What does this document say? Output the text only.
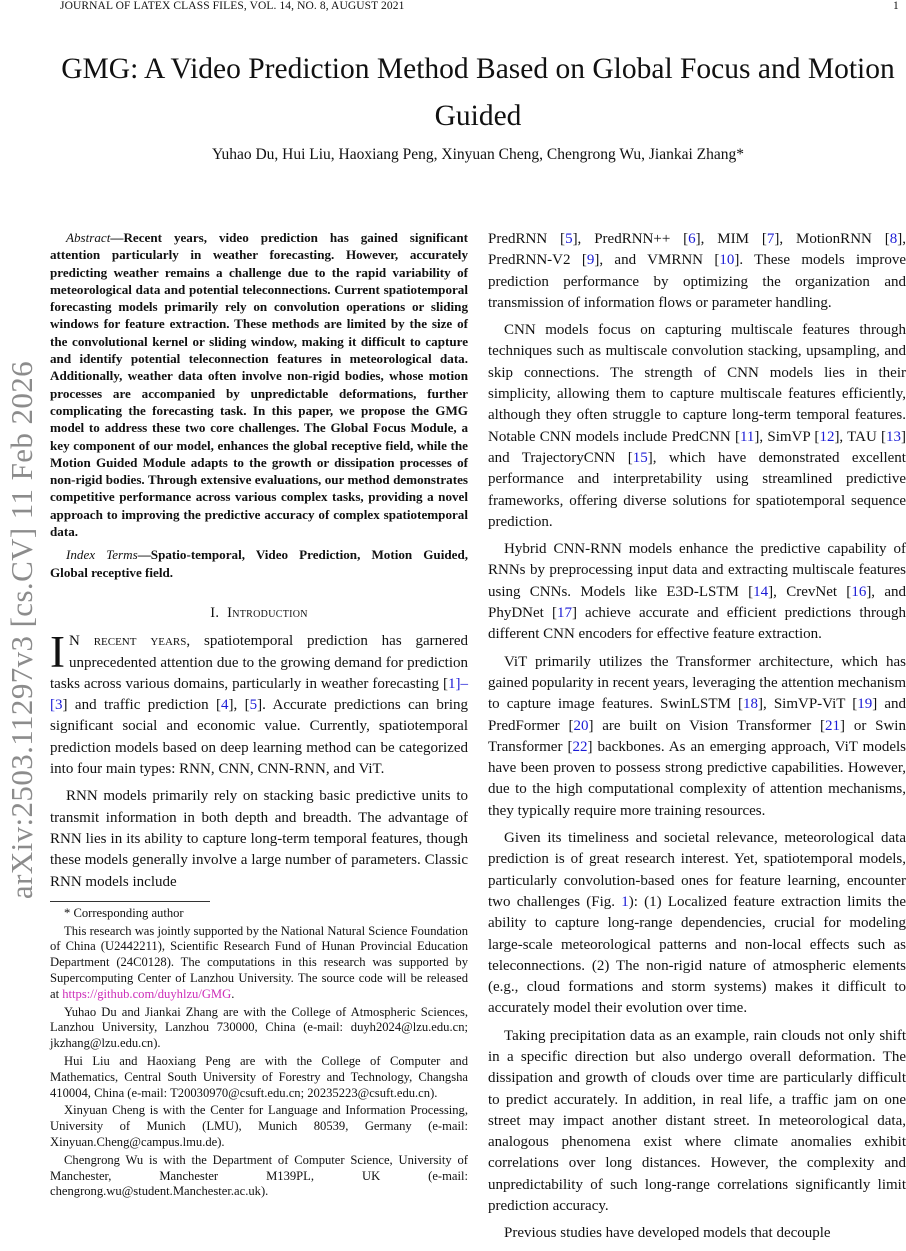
JOURNAL OF LATEX CLASS FILES, VOL. 14, NO. 8, AUGUST 2021	1
arXiv:2503.11297v3 [cs.CV] 11 Feb 2026
GMG: A Video Prediction Method Based on Global Focus and Motion Guided
Yuhao Du, Hui Liu, Haoxiang Peng, Xinyuan Cheng, Chengrong Wu, Jiankai Zhang*
Abstract—Recent years, video prediction has gained significant attention particularly in weather forecasting. However, accurately predicting weather remains a challenge due to the rapid variability of meteorological data and potential teleconnections. Current spatiotemporal forecasting models primarily rely on convolution operations or sliding windows for feature extraction. These methods are limited by the size of the convolutional kernel or sliding window, making it difficult to capture and identify potential teleconnection features in meteorological data. Additionally, weather data often involve non-rigid bodies, whose motion processes are accompanied by unpredictable deformations, further complicating the forecasting task. In this paper, we propose the GMG model to address these two core challenges. The Global Focus Module, a key component of our model, enhances the global receptive field, while the Motion Guided Module adapts to the growth or dissipation processes of non-rigid bodies. Through extensive evaluations, our method demonstrates competitive performance across various complex tasks, providing a novel approach to improving the predictive accuracy of complex spatiotemporal data.
Index Terms—Spatio-temporal, Video Prediction, Motion Guided, Global receptive field.
I. Introduction

I N recent years, spatiotemporal prediction has garnered unprecedented attention due to the growing demand for prediction tasks across various domains, particularly in weather forecasting [1]–[3] and traffic prediction [4], [5]. Accurate predictions can bring significant social and economic value. Currently, spatiotemporal prediction models based on deep learning method can be categorized into four main types: RNN, CNN, CNN-RNN, and ViT.

RNN models primarily rely on stacking basic predictive units to transmit information in both depth and breadth. The advantage of RNN lies in its ability to capture long-term temporal features, though these models generally involve a large number of parameters. Classic RNN models include

* Corresponding author

This research was jointly supported by the National Natural Science Foundation of China (U2442211), Scientific Research Fund of Hunan Provincial Education Department (24C0128). The computations in this research was supported by Supercomputing Center of Lanzhou University. The source code will be released at https://github.com/duyhlzu/GMG.

Yuhao Du and Jiankai Zhang are with the College of Atmospheric Sciences, Lanzhou University, Lanzhou 730000, China (e-mail: duyh2024@lzu.edu.cn; jkzhang@lzu.edu.cn).

Hui Liu and Haoxiang Peng are with the College of Computer and Mathematics, Central South University of Forestry and Technology, Changsha 410004, China (e-mail: T20030970@csuft.edu.cn; 20235223@csuft.edu.cn).

Xinyuan Cheng is with the Center for Language and Information Processing, University of Munich (LMU), Munich 80539, Germany (e-mail: Xinyuan.Cheng@campus.lmu.de).

Chengrong Wu is with the Department of Computer Science, University of Manchester, Manchester M139PL, UK (e-mail: chengrong.wu@student.Manchester.ac.uk).

PredRNN [5], PredRNN++ [6], MIM [7], MotionRNN [8], PredRNN-V2 [9], and VMRNN [10]. These models improve prediction performance by optimizing the organization and transmission of information flows or parameter handling.

CNN models focus on capturing multiscale features through techniques such as multiscale convolution stacking, upsampling, and skip connections. The strength of CNN models lies in their simplicity, allowing them to capture multiscale features efficiently, although they often struggle to capture long-term temporal features. Notable CNN models include PredCNN [11], SimVP [12], TAU [13] and TrajectoryCNN [15], which have demonstrated excellent performance and interpretability using streamlined predictive frameworks, offering diverse solutions for spatiotemporal sequence prediction.

Hybrid CNN-RNN models enhance the predictive capability of RNNs by preprocessing input data and extracting multiscale features using CNNs. Models like E3D-LSTM [14], CrevNet [16], and PhyDNet [17] achieve accurate and efficient predictions through different CNN encoders for effective feature extraction.

ViT primarily utilizes the Transformer architecture, which has gained popularity in recent years, leveraging the attention mechanism to capture image features. SwinLSTM [18], SimVP-ViT [19] and PredFormer [20] are built on Vision Transformer [21] or Swin Transformer [22] backbones. As an emerging approach, ViT models have been proven to possess strong predictive capabilities. However, due to the high computational complexity of attention mechanisms, they typically require more training resources.

Given its timeliness and societal relevance, meteorological data prediction is of great research interest. Yet, spatiotemporal models, particularly convolution-based ones for feature learning, encounter two challenges (Fig. 1): (1) Localized feature extraction limits the ability to capture long-range dependencies, crucial for modeling large-scale meteorological patterns and non-local effects such as teleconnections. (2) The non-rigid nature of atmospheric elements (e.g., cloud formations and storm systems) makes it difficult to accurately model their evolution over time.

Taking precipitation data as an example, rain clouds not only shift in a specific direction but also undergo overall deformation. The dissipation and growth of clouds over time are particularly difficult to predict accurately. In addition, in real life, a traffic jam on one street may impact another distant street. In meteorological data, analogous phenomena exist where climate anomalies exhibit correlations over long distances. However, the complexity and unpredictability of such long-range correlations significantly limit prediction accuracy.

Previous studies have developed models that decouple
